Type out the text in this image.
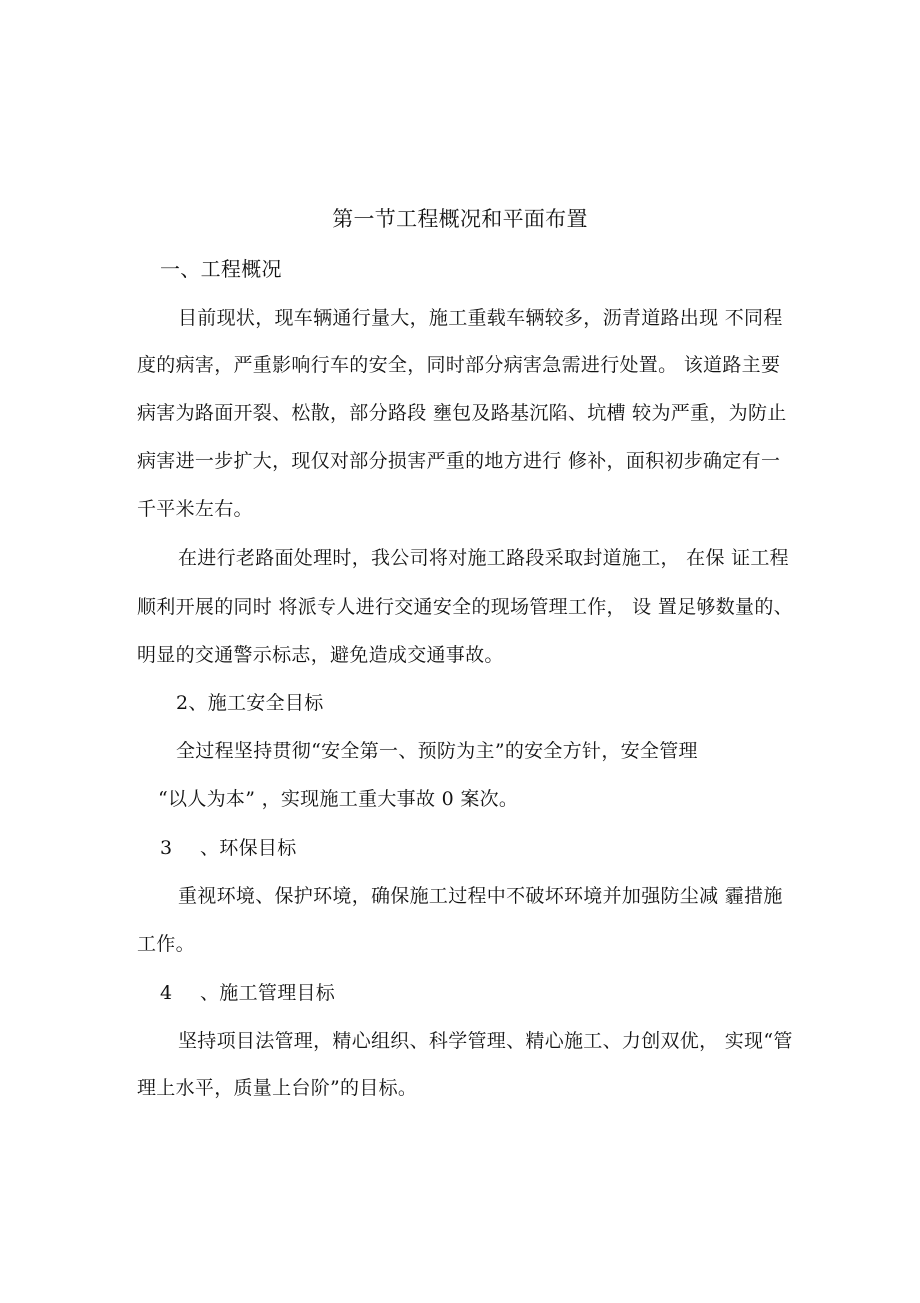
第一节工程概况和平面布置
一、工程概况
目前现状，现车辆通行量大，施工重载车辆较多，沥青道路出现 不同程
度的病害，严重影响行车的安全，同时部分病害急需进行处置。 该道路主要
病害为路面开裂、松散，部分路段 壅包及路基沉陷、坑槽 较为严重，为防止
病害进一步扩大，现仅对部分损害严重的地方进行 修补，面积初步确定有一
千平米左右。
在进行老路面处理时，我公司将对施工路段采取封道施工， 在保 证工程
顺利开展的同时 将派专人进行交通安全的现场管理工作， 设 置足够数量的、
明显的交通警示标志，避免造成交通事故。
2、施工安全目标
全过程坚持贯彻“安全第一、预防为主”的安全方针，安全管理
“以人为本” ，实现施工重大事故 0 案次。
3 、环保目标
重视环境、保护环境，确保施工过程中不破坏环境并加强防尘减 霾措施
工作。
4 、施工管理目标
坚持项目法管理，精心组织、科学管理、精心施工、力创双优， 实现“管
理上水平，质量上台阶”的目标。
